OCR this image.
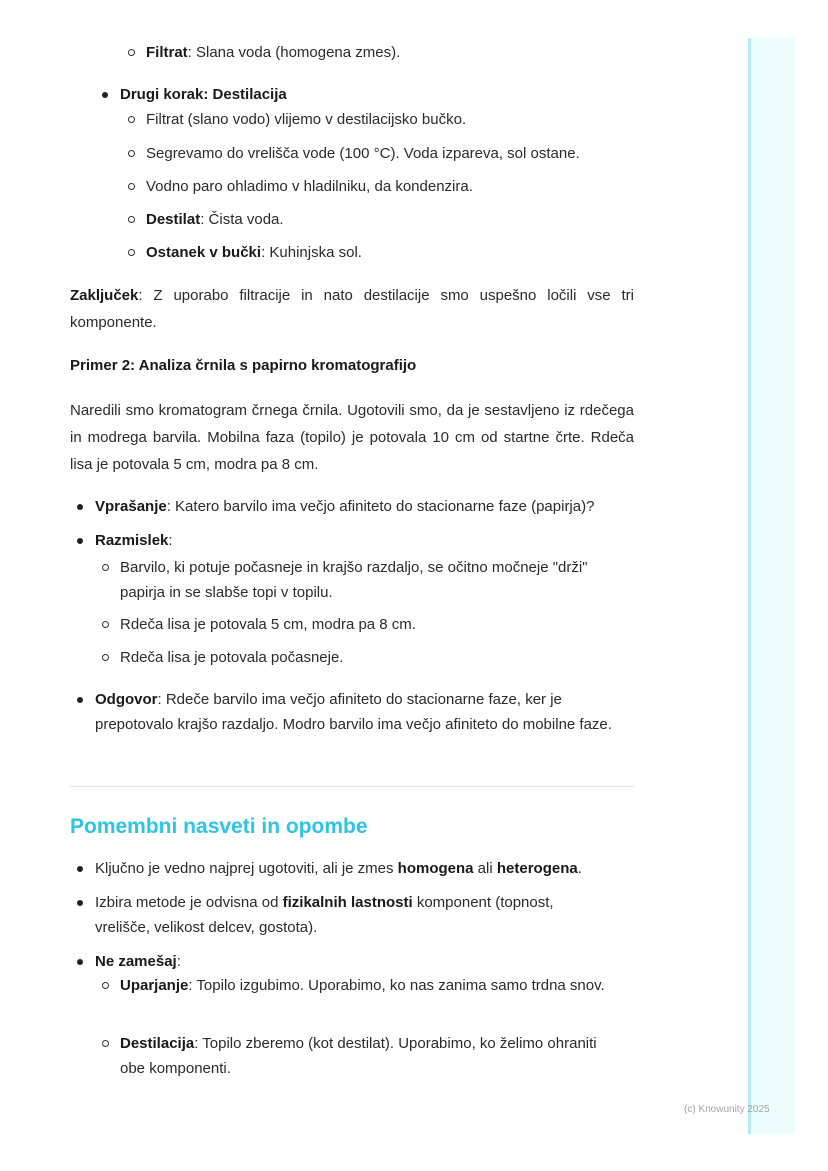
Filtrat: Slana voda (homogena zmes).
Drugi korak: Destilacija
Filtrat (slano vodo) vlijemo v destilacijsko bučko.
Segrevamo do vrelišča vode (100 °C). Voda izpareva, sol ostane.
Vodno paro ohladimo v hladilniku, da kondenzira.
Destilat: Čista voda.
Ostanek v bučki: Kuhinjska sol.
Zaključek: Z uporabo filtracije in nato destilacije smo uspešno ločili vse tri komponente.
Primer 2: Analiza črnila s papirno kromatografijo
Naredili smo kromatogram črnega črnila. Ugotovili smo, da je sestavljeno iz rdečega in modrega barvila. Mobilna faza (topilo) je potovala 10 cm od startne črte. Rdeča lisa je potovala 5 cm, modra pa 8 cm.
Vprašanje: Katero barvilo ima večjo afiniteto do stacionarne faze (papirja)?
Razmislek:
Barvilo, ki potuje počasneje in krajšo razdaljo, se očitno močneje "drži" papirja in se slabše topi v topilu.
Rdeča lisa je potovala 5 cm, modra pa 8 cm.
Rdeča lisa je potovala počasneje.
Odgovor: Rdeče barvilo ima večjo afiniteto do stacionarne faze, ker je prepotovalo krajšo razdaljo. Modro barvilo ima večjo afiniteto do mobilne faze.
Pomembni nasveti in opombe
Ključno je vedno najprej ugotoviti, ali je zmes homogena ali heterogena.
Izbira metode je odvisna od fizikalnih lastnosti komponent (topnost, vrelišče, velikost delcev, gostota).
Ne zamešaj:
Uparjanje: Topilo izgubimo. Uporabimo, ko nas zanima samo trdna snov.
Destilacija: Topilo zberemo (kot destilat). Uporabimo, ko želimo ohraniti obe komponenti.
(c) Knowunity 2025
